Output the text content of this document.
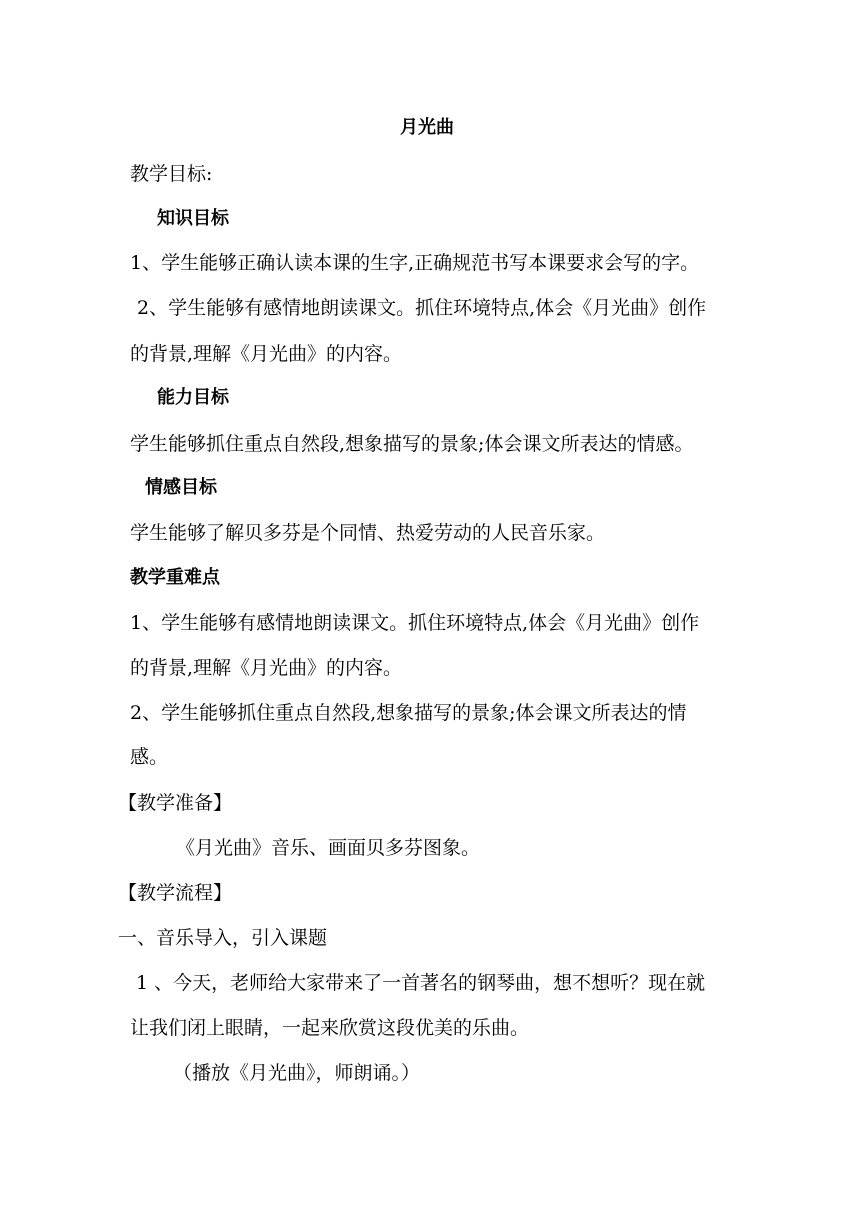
月光曲
教学目标:
知识目标
1、学生能够正确认读本课的生字,正确规范书写本课要求会写的字。
2、学生能够有感情地朗读课文。抓住环境特点,体会《月光曲》创作
的背景,理解《月光曲》的内容。
能力目标
学生能够抓住重点自然段,想象描写的景象;体会课文所表达的情感。
情感目标
学生能够了解贝多芬是个同情、热爱劳动的人民音乐家。
教学重难点
1、学生能够有感情地朗读课文。抓住环境特点,体会《月光曲》创作
的背景,理解《月光曲》的内容。
2、学生能够抓住重点自然段,想象描写的景象;体会课文所表达的情
感。
【教学准备】
《月光曲》音乐、画面贝多芬图象。
【教学流程】
一、音乐导入，引入课题
1 、今天，老师给大家带来了一首著名的钢琴曲，想不想听？现在就
让我们闭上眼睛，一起来欣赏这段优美的乐曲。
（播放《月光曲》，师朗诵。）
